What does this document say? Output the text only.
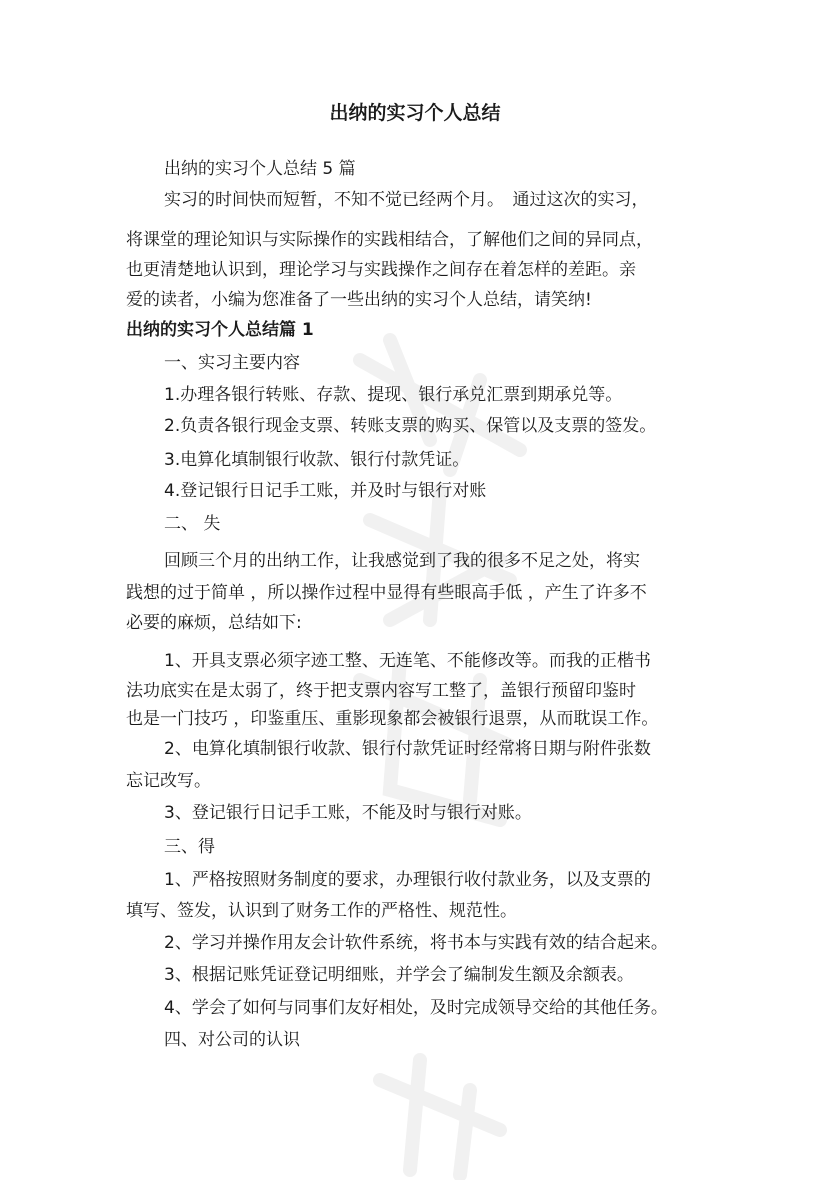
出纳的实习个人总结
出纳的实习个人总结 5 篇
实习的时间快而短暂，不知不觉已经两个月。　通过这次的实习，
将课堂的理论知识与实际操作的实践相结合，了解他们之间的异同点，
也更清楚地认识到，理论学习与实践操作之间存在着怎样的差距。亲
爱的读者，小编为您准备了一些出纳的实习个人总结，请笑纳!
出纳的实习个人总结篇 1
一、实习主要内容
1.办理各银行转账、存款、提现、银行承兑汇票到期承兑等。
2.负责各银行现金支票、转账支票的购买、保管以及支票的签发。
3.电算化填制银行收款、银行付款凭证。
4.登记银行日记手工账，并及时与银行对账
二、 失
回顾三个月的出纳工作，让我感觉到了我的很多不足之处，将实
践想的过于简单 ，所以操作过程中显得有些眼高手低 ，产生了许多不
必要的麻烦，总结如下:
1、开具支票必须字迹工整、无连笔、不能修改等。而我的正楷书
法功底实在是太弱了，终于把支票内容写工整了，盖银行预留印鉴时
也是一门技巧 ，印鉴重压、重影现象都会被银行退票，从而耽误工作。
2、电算化填制银行收款、银行付款凭证时经常将日期与附件张数
忘记改写。
3、登记银行日记手工账，不能及时与银行对账。
三、得
1、严格按照财务制度的要求，办理银行收付款业务，以及支票的
填写、签发，认识到了财务工作的严格性、规范性。
2、学习并操作用友会计软件系统，将书本与实践有效的结合起来。
3、根据记账凭证登记明细账，并学会了编制发生额及余额表。
4、学会了如何与同事们友好相处，及时完成领导交给的其他任务。
四、对公司的认识
